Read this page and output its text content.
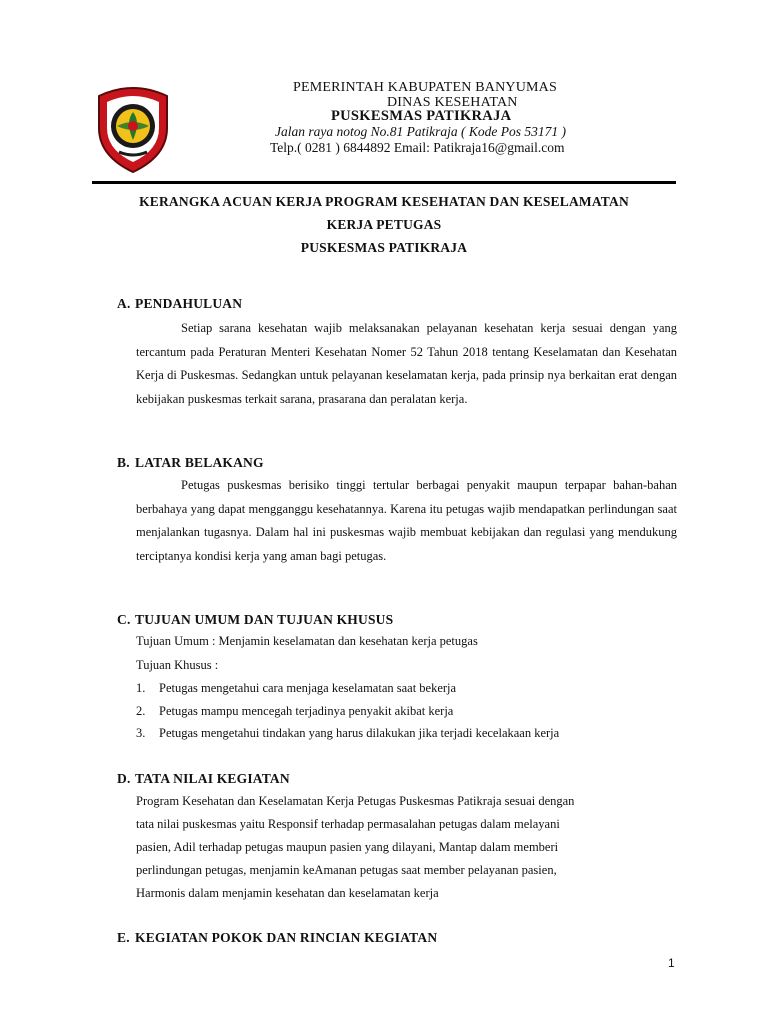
PEMERINTAH KABUPATEN BANYUMAS
DINAS KESEHATAN
PUSKESMAS PATIKRAJA
Jalan raya notog No.81 Patikraja ( Kode Pos 53171 )
Telp.( 0281 ) 6844892 Email: Patikraja16@gmail.com
KERANGKA ACUAN KERJA PROGRAM KESEHATAN DAN KESELAMATAN
KERJA PETUGAS
PUSKESMAS PATIKRAJA
A. PENDAHULUAN
Setiap sarana kesehatan wajib melaksanakan pelayanan kesehatan kerja sesuai dengan yang tercantum pada Peraturan Menteri Kesehatan Nomer 52 Tahun 2018 tentang Keselamatan dan Kesehatan Kerja di Puskesmas. Sedangkan untuk pelayanan keselamatan kerja, pada prinsip nya berkaitan erat dengan kebijakan puskesmas terkait sarana, prasarana dan peralatan kerja.
B. LATAR BELAKANG
Petugas puskesmas berisiko tinggi tertular berbagai penyakit maupun terpapar bahan-bahan berbahaya yang dapat mengganggu kesehatannya. Karena itu petugas wajib mendapatkan perlindungan saat menjalankan tugasnya. Dalam hal ini puskesmas wajib membuat kebijakan dan regulasi yang mendukung terciptanya kondisi kerja yang aman bagi petugas.
C. TUJUAN UMUM DAN TUJUAN KHUSUS
Tujuan Umum : Menjamin keselamatan dan kesehatan kerja petugas
Tujuan Khusus :
1. Petugas mengetahui cara menjaga keselamatan saat bekerja
2. Petugas mampu mencegah terjadinya penyakit akibat kerja
3. Petugas mengetahui tindakan yang harus dilakukan jika terjadi kecelakaan kerja
D. TATA NILAI KEGIATAN
Program Kesehatan dan Keselamatan Kerja Petugas Puskesmas Patikraja sesuai dengan
tata nilai puskesmas yaitu Responsif terhadap permasalahan petugas dalam melayani
pasien, Adil terhadap petugas maupun pasien yang dilayani, Mantap dalam memberi
perlindungan petugas, menjamin keAmanan petugas saat member pelayanan pasien,
Harmonis dalam menjamin kesehatan dan keselamatan kerja
E. KEGIATAN POKOK DAN RINCIAN KEGIATAN
1
